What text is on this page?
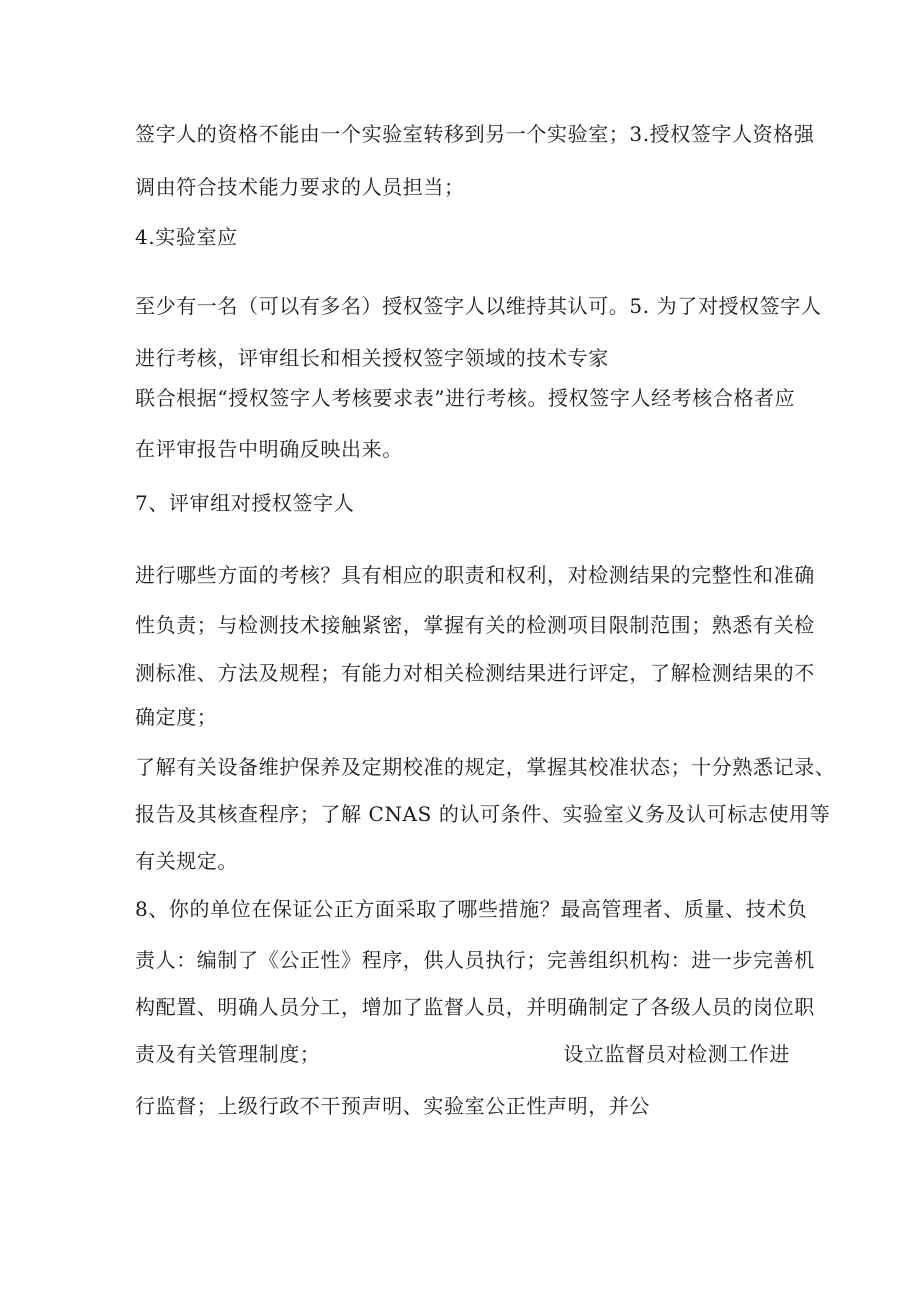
签字人的资格不能由一个实验室转移到另一个实验室；3.授权签字人资格强
调由符合技术能力要求的人员担当；
4.实验室应
至少有一名（可以有多名）授权签字人以维持其认可。5. 为了对授权签字人
进行考核，评审组长和相关授权签字领域的技术专家
联合根据“授权签字人考核要求表”进行考核。授权签字人经考核合格者应
在评审报告中明确反映出来。
7、评审组对授权签字人
进行哪些方面的考核？具有相应的职责和权利，对检测结果的完整性和准确
性负责；与检测技术接触紧密，掌握有关的检测项目限制范围；熟悉有关检
测标准、方法及规程；有能力对相关检测结果进行评定，了解检测结果的不
确定度；
了解有关设备维护保养及定期校准的规定，掌握其校准状态；十分熟悉记录、
报告及其核查程序；了解 CNAS 的认可条件、实验室义务及认可标志使用等
有关规定。
8、你的单位在保证公正方面采取了哪些措施？最高管理者、质量、技术负
责人：编制了《公正性》程序，供人员执行；完善组织机构：进一步完善机
构配置、明确人员分工，增加了监督人员，并明确制定了各级人员的岗位职
责及有关管理制度；	设立监督员对检测工作进
行监督；上级行政不干预声明、实验室公正性声明，并公
